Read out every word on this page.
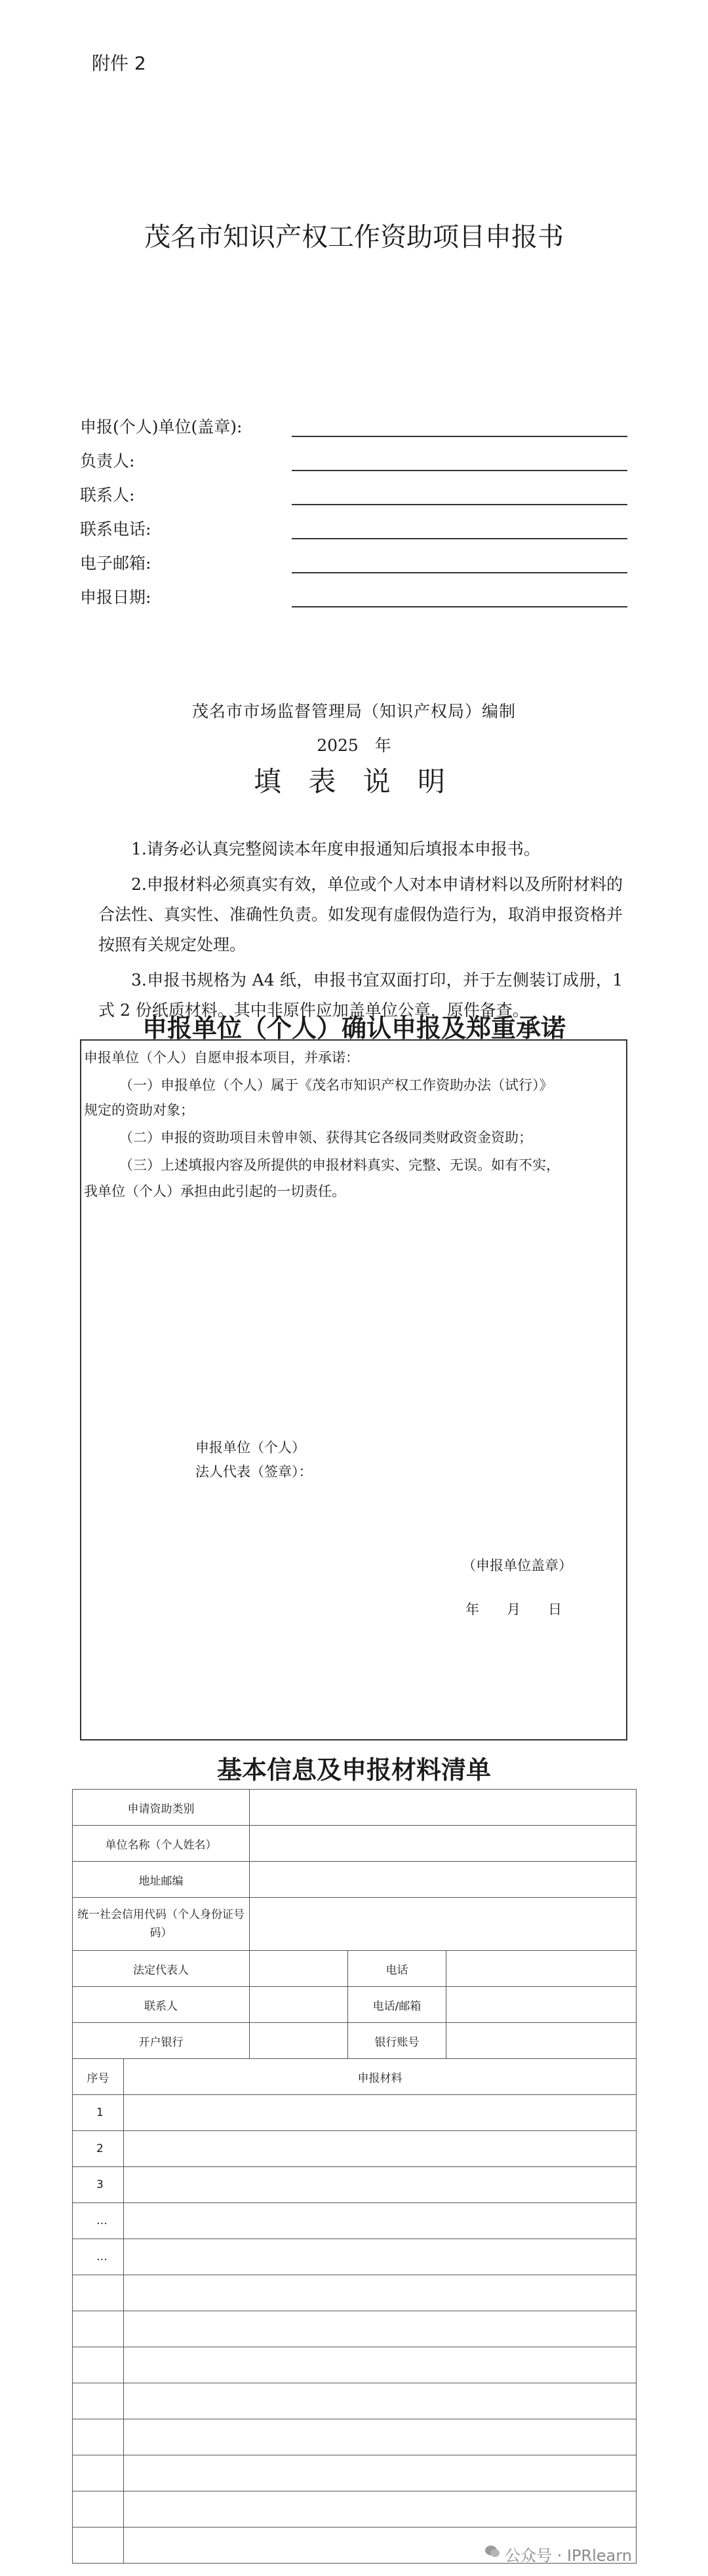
附件 2
茂名市知识产权工作资助项目申报书
申报(个人)单位(盖章):
负责人:
联系人:
联系电话:
电子邮箱:
申报日期:
茂名市市场监督管理局（知识产权局）编制
2025　年
填 表 说 明
1.请务必认真完整阅读本年度申报通知后填报本申报书。
2.申报材料必须真实有效，单位或个人对本申请材料以及所附材料的合法性、真实性、准确性负责。如发现有虚假伪造行为，取消申报资格并按照有关规定处理。
3.申报书规格为 A4 纸，申报书宜双面打印，并于左侧装订成册，1 式 2 份纸质材料。其中非原件应加盖单位公章，原件备查。
申报单位（个人）确认申报及郑重承诺
申报单位（个人）自愿申报本项目，并承诺：
（一）申报单位（个人）属于《茂名市知识产权工作资助办法（试行）》
规定的资助对象；
（二）申报的资助项目未曾申领、获得其它各级同类财政资金资助；
（三）上述填报内容及所提供的申报材料真实、完整、无误。如有不实，
我单位（个人）承担由此引起的一切责任。
申报单位（个人）
法人代表（签章）：
（申报单位盖章）
年　　月　　日
基本信息及申报材料清单
申请资助类别				
单位名称（个人姓名）				
地址邮编				
统一社会信用代码（个人身份证号码）				
法定代表人			电话	
联系人			电话/邮箱	
开户银行			银行账号	
序号	申报材料			
1				
2				
3				
…				
…				

公众号 · IPRlearn
